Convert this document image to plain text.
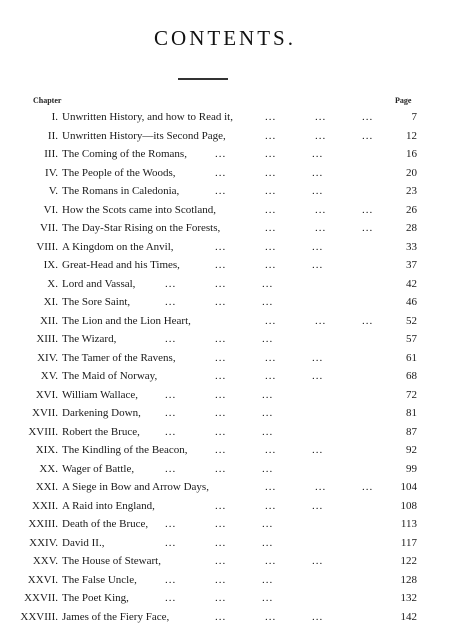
CONTENTS.
Chapter	Page
I. Unwritten History, and how to Read it,	...	...	...	7
II. Unwritten History—its Second Page,	...	...	...	12
III. The Coming of the Romans,	...	...	...	16
IV. The People of the Woods,	...	...	...	20
V. The Romans in Caledonia,	...	...	...	23
VI. How the Scots came into Scotland,	...	...	...	26
VII. The Day-Star Rising on the Forests,	...	...	...	28
VIII. A Kingdom on the Anvil,	...	...	...	33
IX. Great-Head and his Times,	...	...	...	37
X. Lord and Vassal,	...	...	...	42
XI. The Sore Saint,	...	...	...	46
XII. The Lion and the Lion Heart,	...	...	...	52
XIII. The Wizard,	...	...	...	57
XIV. The Tamer of the Ravens,	...	...	...	61
XV. The Maid of Norway,	...	...	...	68
XVI. William Wallace, ...	...	...	72
XVII. Darkening Down, ...	...	...	81
XVIII. Robert the Bruce, ...	...	...	87
XIX. The Kindling of the Beacon, ...	...	...	92
XX. Wager of Battle,	...	...	...	99
XXI. A Siege in Bow and Arrow Days,	...	...	... 104
XXII. A Raid into England,	...	...	...	108
XXIII. Death of the Bruce, ...	...	...	113
XXIV. David II.,	...	...	...	117
XXV. The House of Stewart,	...	...	...	122
XXVI. The False Uncle,	...	...	...	128
XXVII. The Poet King,	...	...	...	132
XXVIII. James of the Fiery Face,	...	...	...	142
